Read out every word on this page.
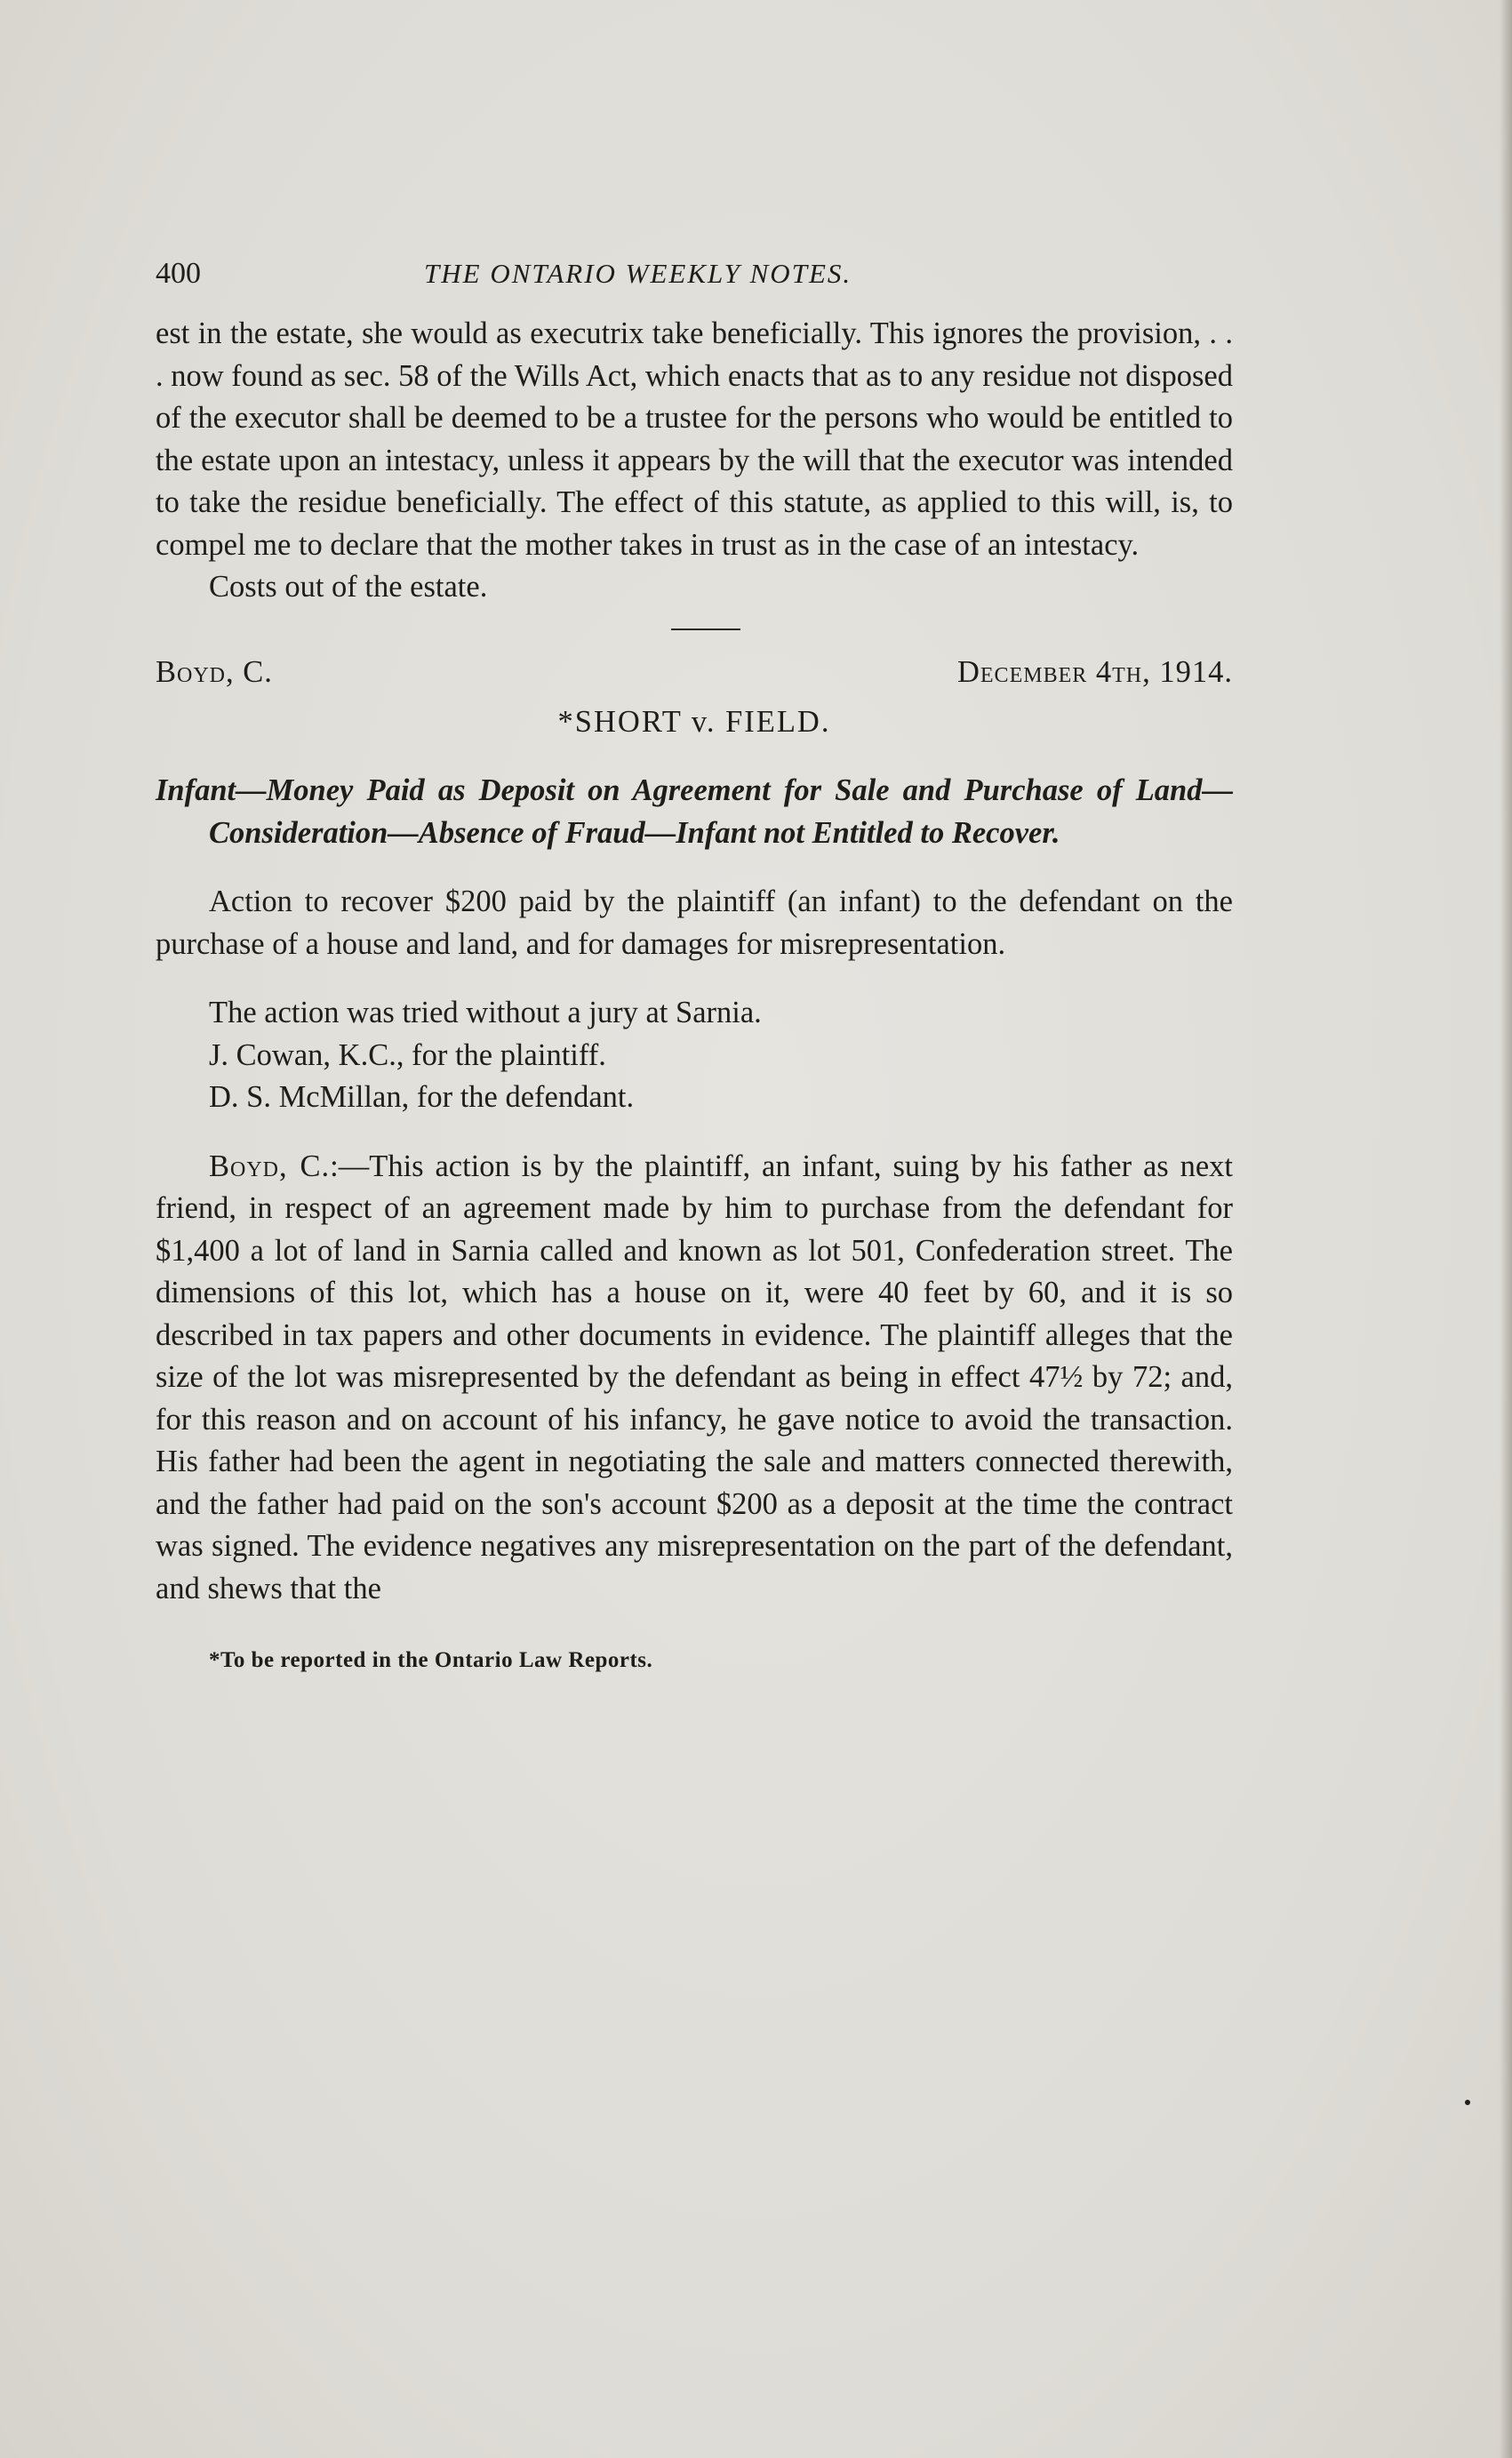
400	THE ONTARIO WEEKLY NOTES.

est in the estate, she would as executrix take beneficially. This ignores the provision, . . . now found as sec. 58 of the Wills Act, which enacts that as to any residue not disposed of the executor shall be deemed to be a trustee for the persons who would be entitled to the estate upon an intestacy, unless it appears by the will that the executor was intended to take the residue beneficially. The effect of this statute, as applied to this will, is, to compel me to declare that the mother takes in trust as in the case of an intestacy.

Costs out of the estate.

Boyd, C.	December 4th, 1914.
*SHORT v. FIELD.

Infant—Money Paid as Deposit on Agreement for Sale and Purchase of Land—Consideration—Absence of Fraud—Infant not Entitled to Recover.

Action to recover $200 paid by the plaintiff (an infant) to the defendant on the purchase of a house and land, and for damages for misrepresentation.

The action was tried without a jury at Sarnia.

J. Cowan, K.C., for the plaintiff.

D. S. McMillan, for the defendant.

Boyd, C.:—This action is by the plaintiff, an infant, suing by his father as next friend, in respect of an agreement made by him to purchase from the defendant for $1,400 a lot of land in Sarnia called and known as lot 501, Confederation street. The dimensions of this lot, which has a house on it, were 40 feet by 60, and it is so described in tax papers and other documents in evidence. The plaintiff alleges that the size of the lot was misrepresented by the defendant as being in effect 47½ by 72; and, for this reason and on account of his infancy, he gave notice to avoid the transaction. His father had been the agent in negotiating the sale and matters connected therewith, and the father had paid on the son's account $200 as a deposit at the time the contract was signed. The evidence negatives any misrepresentation on the part of the defendant, and shews that the

*To be reported in the Ontario Law Reports.
